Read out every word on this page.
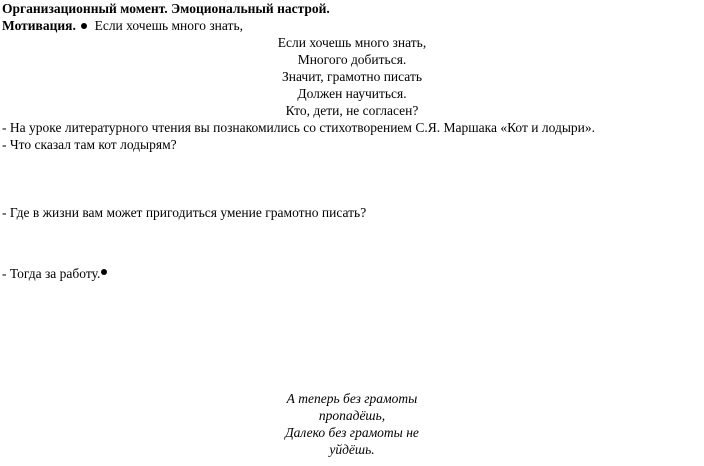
Организационный момент. Эмоциональный настрой.
Мотивация. Если хочешь много знать,
Если хочешь много знать,
Многого добиться.
Значит, грамотно писать
Должен научиться.
Кто, дети, не согласен?
- На уроке литературного чтения вы познакомились со стихотворением С.Я. Маршака «Кот и лодыри».
- Что сказал там кот лодырям?
- Где в жизни вам может пригодиться умение грамотно писать?
- Тогда за работу.
А теперь без грамоты
пропадёшь,
Далеко без грамоты не
уйдёшь.
